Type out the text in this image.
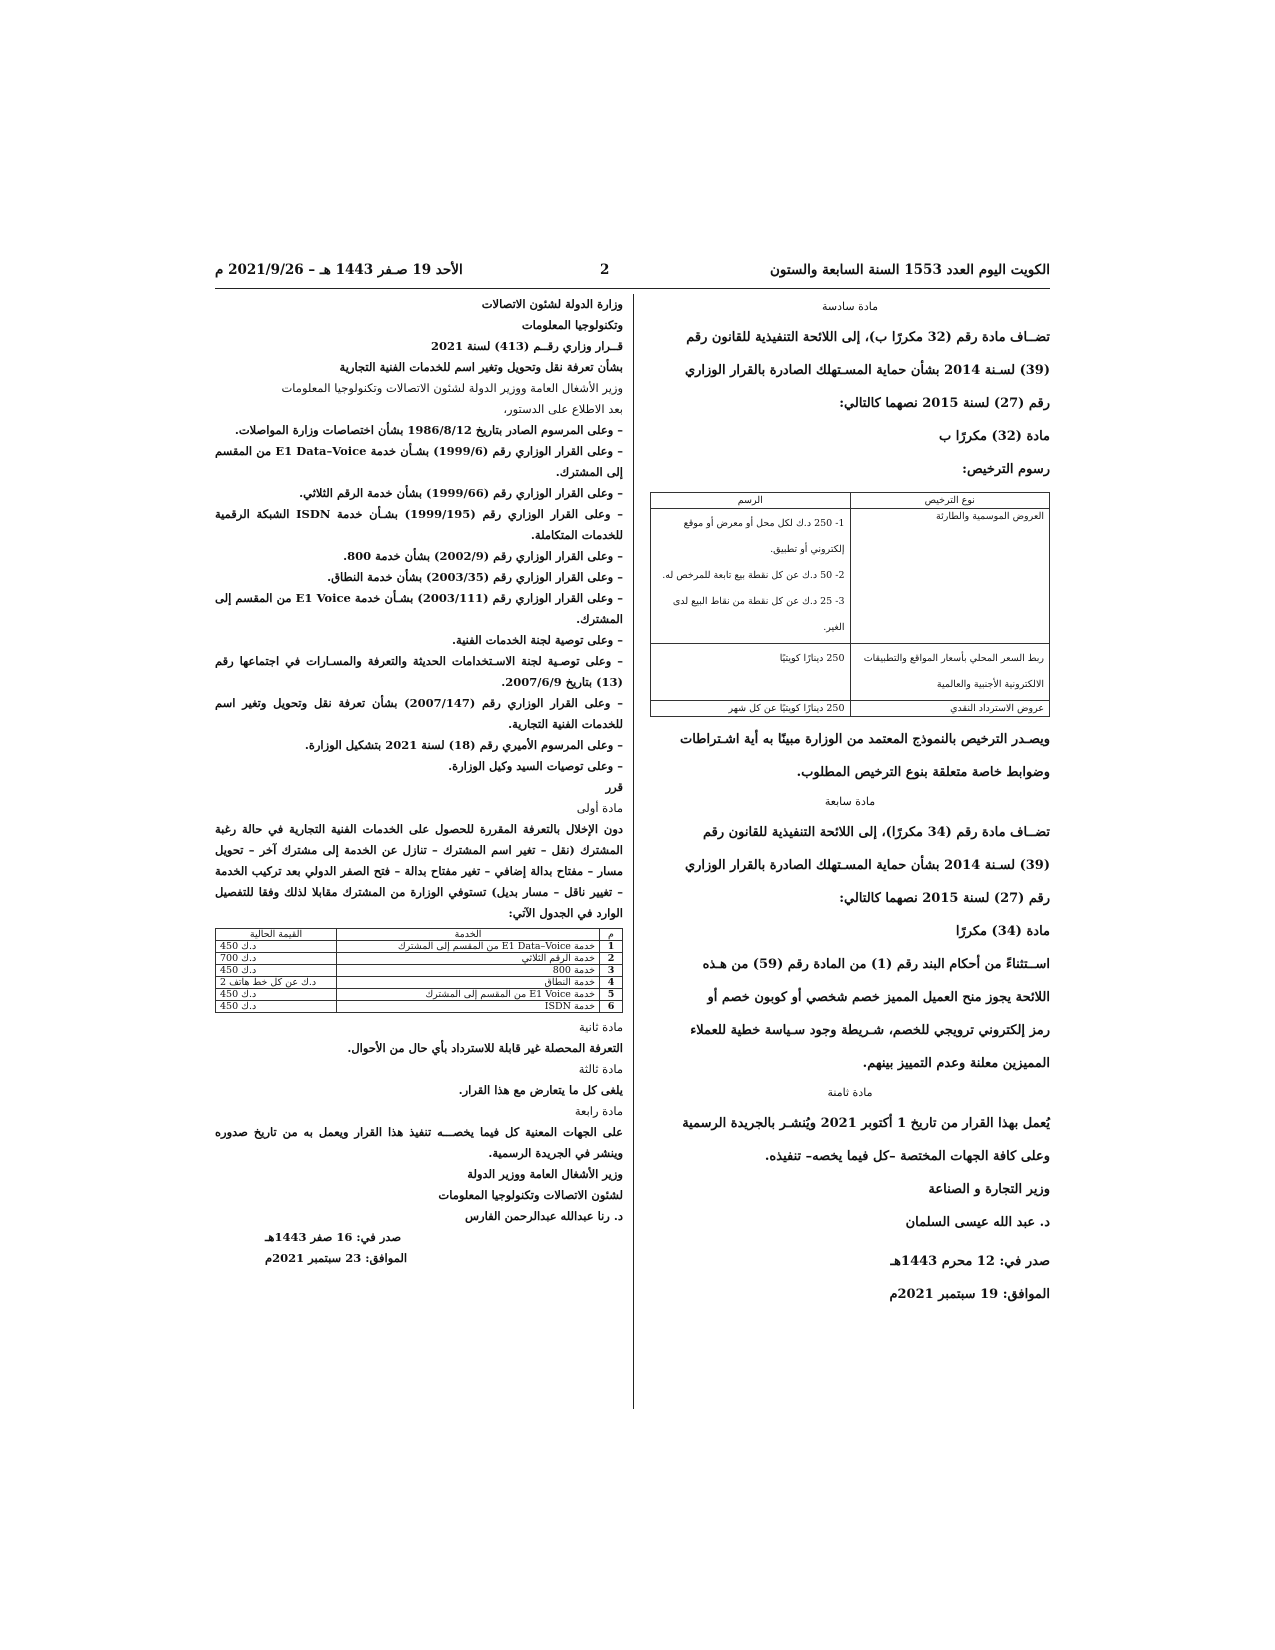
الكويت اليوم العدد 1553 السنة السابعة والستون
2
الأحد 19 صـفر 1443 هـ – 2021/9/26 م
مادة سادسة

تضــاف مادة رقم (32 مكررًا ب)، إلى اللائحة التنفيذية للقانون رقم

(39) لسـنة 2014 بشأن حماية المسـتهلك الصادرة بالقرار الوزاري

رقم (27) لسنة 2015 نصهما كالتالي:

مادة (32) مكررًا ب

رسوم الترخيص:

نوع الترخيص	الرسم
العروض الموسمية والطارئة	1- 250 د.ك لكل محل أو معرض أو موقع إلكتروني أو تطبيق.
2- 50 د.ك عن كل نقطة بيع تابعة للمرخص له.
3- 25 د.ك عن كل نقطة من نقاط البيع لدى الغير.

ربط السعر المحلي بأسعار المواقع والتطبيقات الالكترونية الأجنبية والعالمية	250 دينارًا كويتيًا
عروض الاسترداد النقدي	250 دينارًا كويتيًا عن كل شهر

ويصـدر الترخيص بالنموذج المعتمد من الوزارة مبينًا به أية اشـتراطات

وضوابط خاصة متعلقة بنوع الترخيص المطلوب.

مادة سابعة

تضــاف مادة رقم (34 مكررًا)، إلى اللائحة التنفيذية للقانون رقم

(39) لسـنة 2014 بشأن حماية المسـتهلك الصادرة بالقرار الوزاري

رقم (27) لسنة 2015 نصهما كالتالي:

مادة (34) مكررًا

اســتثناءً من أحكام البند رقم (1) من المادة رقم (59) من هـذه

اللائحة يجوز منح العميل المميز خصم شخصي أو كوبون خصم أو

رمز إلكتروني ترويجي للخصم، شـريطة وجود سـياسة خطية للعملاء

المميزين معلنة وعدم التمييز بينهم.

مادة ثامنة

يُعمل بهذا القرار من تاريخ 1 أكتوبر 2021 ويُنشـر بالجريدة الرسمية

وعلى كافة الجهات المختصة –كل فيما يخصه– تنفيذه.

وزير التجارة و الصناعة

د. عبد الله عيسى السلمان

صدر في: 12 محرم 1443هـ

الموافق: 19 سبتمبر 2021م

وزارة الدولة لشئون الاتصالات

وتكنولوجيا المعلومات

قــرار وزاري رقــم (413) لسنة 2021

بشأن تعرفة نقل وتحويل وتغير اسم للخدمات الفنية التجارية

وزير الأشغال العامة ووزير الدولة لشئون الاتصالات وتكنولوجيا المعلومات

بعد الاطلاع على الدستور،

– وعلى المرسوم الصادر بتاريخ 1986/8/12 بشأن اختصاصات وزارة المواصلات.

– وعلى القرار الوزاري رقم (1999/6) بشـأن خدمة E1 Data–Voice من المقسم إلى المشترك.

– وعلى القرار الوزاري رقم (1999/66) بشأن خدمة الرقم الثلاثي.

– وعلى القرار الوزاري رقم (1999/195) بشـأن خدمة ISDN الشبكة الرقمية للخدمات المتكاملة.

– وعلى القرار الوزاري رقم (2002/9) بشأن خدمة 800.

– وعلى القرار الوزاري رقم (2003/35) بشأن خدمة النطاق.

– وعلى القرار الوزاري رقم (2003/111) بشـأن خدمة E1 Voice من المقسم إلى المشترك.

– وعلى توصية لجنة الخدمات الفنية.

– وعلى توصـية لجنة الاسـتخدامات الحديثة والتعرفة والمسـارات في اجتماعها رقم (13) بتاريخ 2007/6/9.

– وعلى القرار الوزاري رقم (2007/147) بشأن تعرفة نقل وتحويل وتغير اسم للخدمات الفنية التجارية.

– وعلى المرسوم الأميري رقم (18) لسنة 2021 بتشكيل الوزارة.

– وعلى توصيات السيد وكيل الوزارة.

قرر

مادة أولى

دون الإخلال بالتعرفة المقررة للحصول على الخدمات الفنية التجارية في حالة رغبة المشترك (نقل – تغير اسم المشترك – تنازل عن الخدمة إلى مشترك آخر – تحويل مسار – مفتاح بدالة إضافي – تغير مفتاح بدالة – فتح الصفر الدولي بعد تركيب الخدمة – تغيير ناقل – مسار بديل) تستوفي الوزارة من المشترك مقابلا لذلك وفقا للتفصيل الوارد في الجدول الآتي:

م	الخدمة	القيمة الحالية
1	خدمة E1 Data–Voice من المقسم إلى المشترك	450 د.ك
2	خدمة الرقم الثلاثي	700 د.ك
3	خدمة 800	450 د.ك
4	خدمة النطاق	2 د.ك عن كل خط هاتف
5	خدمة E1 Voice من المقسم إلى المشترك	450 د.ك
6	خدمة ISDN	450 د.ك

مادة ثانية

التعرفة المحصلة غير قابلة للاسترداد بأي حال من الأحوال.

مادة ثالثة

يلغى كل ما يتعارض مع هذا القرار.

مادة رابعة

على الجهات المعنية كل فيما يخصـــه تنفيذ هذا القرار ويعمل به من تاريخ صدوره وينشر في الجريدة الرسمية.

وزير الأشغال العامة ووزير الدولة

لشئون الاتصالات وتكنولوجيا المعلومات

د. رنا عبدالله عبدالرحمن الفارس

صدر في: 16 صفر 1443هـ

الموافق: 23 سبتمبر 2021م
